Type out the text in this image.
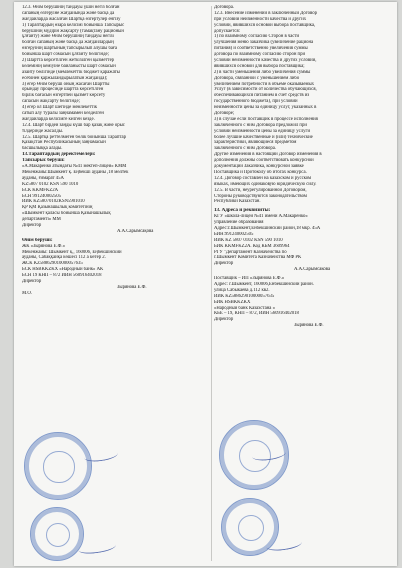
12.3. Өнім берушінің тандауы үшін негіз болған
сапаның өзгеруіне жағдайында және басқа да
жағдайларда жасалған Шартқа өзгертулер енгізу
1) Тараптардың өзара келісімі бойынша Тапсырыс
берушінің мүдірін жақсарту (тамақтану рационын
ұлғайту) және Өнім берушінің тандауы негізі
болған сапаның және басқа да жағдайлардың
өзгеруінің шартының тапсырылып алушы баға
бойынша шарт сомасын ұлғайту бөлігінде;
2) Шартта көрсетілген жеткізілген қызметтер
көлемінің кеміуіне байланысты шарт сомасын
азайту бөлігінде (мемлекеттік бюджет қаражаты
есебінен қаржыландырылатын жағдайда);
3) егер Өнім беруші оның жасаған Шартты
орындау процесінде шартта көрсетілген
бірлік бағасын өзгертпей қызмет көрсету
сапасын жақсарту бөлігінде;
4) егер ол Шарт шегінде мемлекеттік
сатып алу туралы заңнамамен көзделген
жағдайларда келісімге келген кезде.
12.4. Шарт бірдей заңды күші бар қазақ және орыс
тілдерінде жасалды.
12.5. Шартқа реттелмеген бөлік бойынша Тараптар
Қазақстан Республикасының заңнамасын
басшылыққа алады.
13.Тараптардың деректемелері:
Тапсырыс беруші:
«А.Макаренко атындағы №41 мектеп-лицей» КММ
Мекенжайы:Шымкент қ. Еңбекші ауданы ,18 мөлтек
ауданы, ғимарат 45А
KZ5807 0102 KSN 590 1010
БСК KKMFKZ2A
БСН 991240002505
ИИК KZ58070102KSN5901010
ҚР ҚМ Қазынашылық комитетінің
«Шымкент қаласы бойынша Қазынашылық
департаменті» ММ
Директор
А.А.Сарымсақова
Өнім беруші:
ЖК «Зыряновa Е.Ф.»
Мекенжайы: Шымкент қ., 160006, Еңбекшінский
ауданы, Сабаққайқа көшесі 112 а көтер 2.
ЖСК KZ588629010000057635
БСК HSBKKZKX «Народный банк» АК
БСН 19 КНП – 872 ИИН 560916402018
Директор
Зырянова Е.Ф.
М.О.
Договора.
12.3. Внесение изменений в заключенный Договор
при условии неизменности качества и других
условий, явившихся основой выбора поставщика,
допускается:
1) по взаимному согласию Сторон в части
улучшения меню заказчика (увеличение рациона
питания) и соответственно увеличения суммы
договора по взаимному согласию сторон при
условии неизменности качества и других условий,
явившихся основой для выбора поставщика;
2) в части уменьшения либо увеличения суммы
Договора, связанной с уменьшением либо
увеличением потребности в объеме оказываемых
Услуг (в зависимости от количества обучающихся,
обеспечивающихся питанием в счет средств из
государственного бюджета), при условии
неизменности цены за единицу услуг, указанных в
Договоре;
3) в случае если поставщик в процессе исполнения
заключенного с ним Договора предложил при
условии неизменности цены за единицу услуги
более лучшие качественные и (или) технические
характеристики, являющиеся предметом
заключенного с ним Договора.
Другие изменения в настоящий Договор изменения в
дополнения должны соответствовать конкурсной
документации Заказчика, конкурсной заявке
Поставщика и Протоколу об итогах конкурса.
12.4. Договор составлен на казахском и русском
языках, имеющих одинаковую юридическую силу.
12.5. В части, неурегулированной Договором,
Стороны руководствуются законодательством
Республики Казахстан.
13. Адреса и реквизиты:
КГУ «школа-лицей №41 имени А.Макаренко»
управление образования
Адрес:г.Шымкент,Енбекшинский район,18 мкр. 45А
БИН:991240002505
ИИК KZ 5807 0102 KSN 590 1010
БИК KKMFKZ2A. Код КБМ 3609964
РГУ "Департамент Казначейства по
г.Шымкент Комитета Казначейства МФ РК
Директор
А.А.Сарымсакова
Поставщик – ИП «Зырянова Е.Ф.»
Адрес: г.Шымкент, 160006,Енбекшинский район.
улица Сабыкаева д.112 кв2.
ИИК KZ588629010000057635
БИК HSBKKZKX
«Народный банк Казахстана »
КБЕ – 19, КНП – 872, ИИН 560916402018
Директор
Зырянова Е.Ф.
